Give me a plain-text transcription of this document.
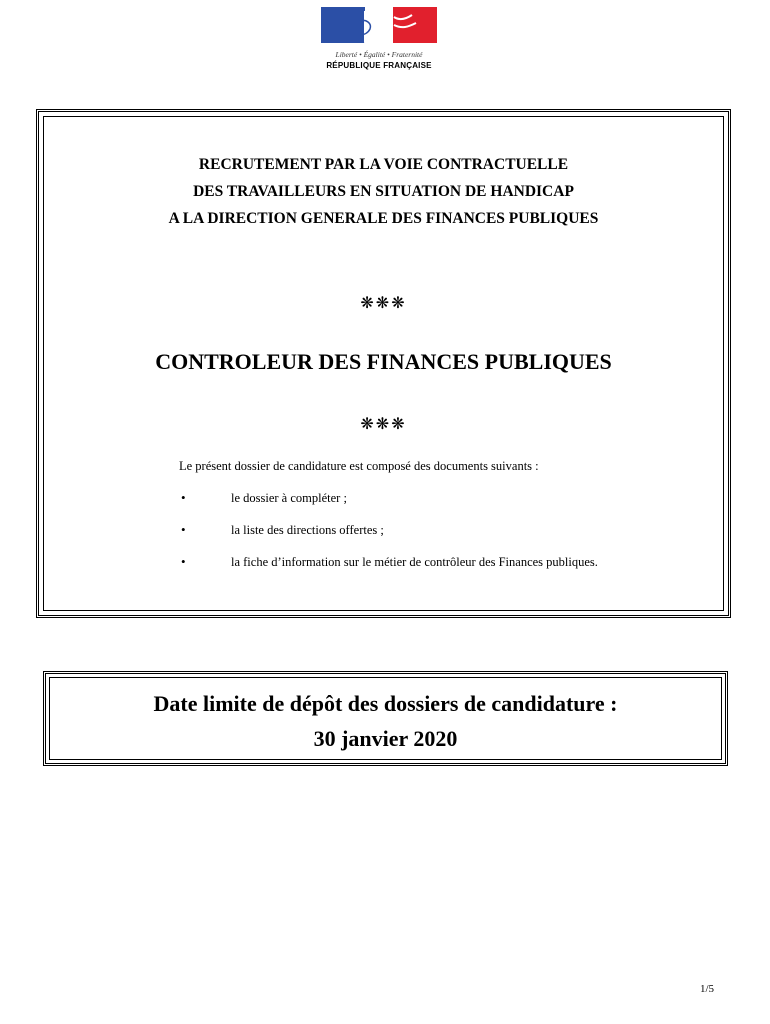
Liberté • Égalité • Fraternité
RÉPUBLIQUE FRANÇAISE
RECRUTEMENT PAR LA VOIE CONTRACTUELLE
DES TRAVAILLEURS EN SITUATION DE HANDICAP
A LA DIRECTION GENERALE DES FINANCES PUBLIQUES
❋❋❋
CONTROLEUR DES FINANCES PUBLIQUES
❋❋❋
Le présent dossier de candidature est composé des documents suivants :
•	le dossier à compléter ;
•	la liste des directions offertes ;
•	la fiche d’information sur le métier de contrôleur des Finances publiques.
Date limite de dépôt des dossiers de candidature :
30 janvier 2020
1/5
